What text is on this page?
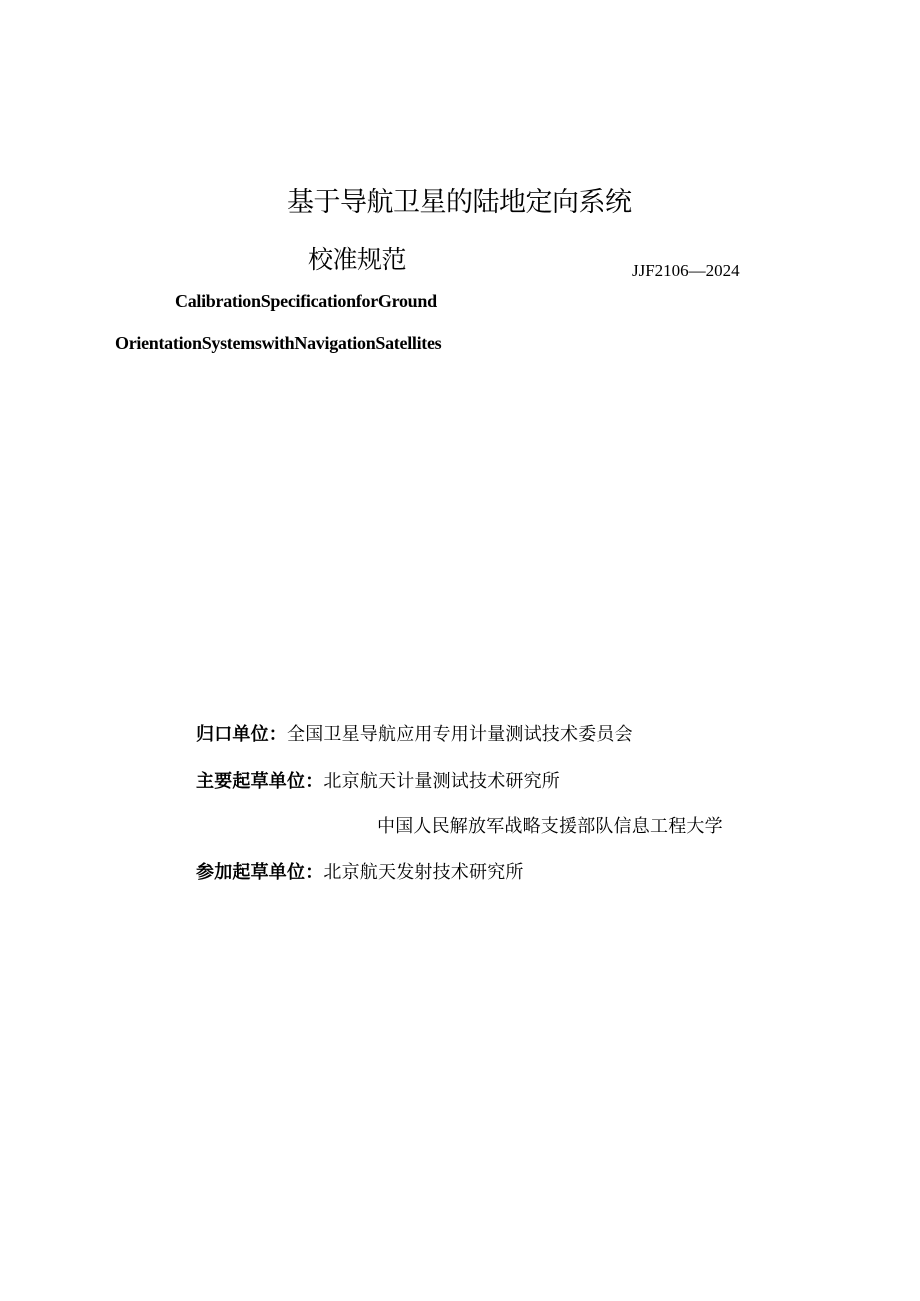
基于导航卫星的陆地定向系统
校准规范	JJF2106—2024
CalibrationSpecificationforGround
OrientationSystemswithNavigationSatellites
归口单位：全国卫星导航应用专用计量测试技术委员会
主要起草单位：北京航天计量测试技术研究所
中国人民解放军战略支援部队信息工程大学
参加起草单位：北京航天发射技术研究所
